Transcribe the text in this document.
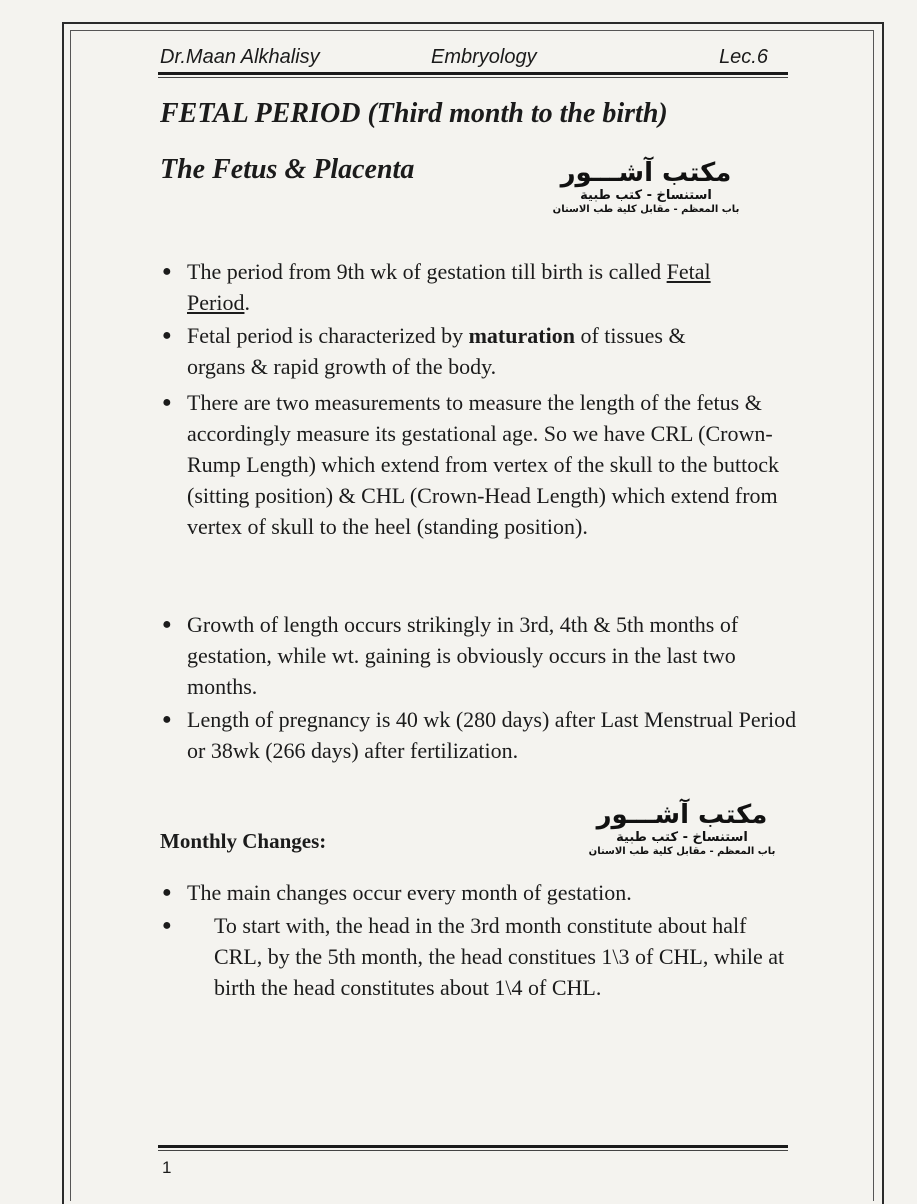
Dr.Maan Alkhalisy	Embryology	Lec.6
FETAL PERIOD (Third month to the birth)
The Fetus & Placenta	مكتب آشـــور
استنساخ - كتب طبية
باب المعظم - مقابل كلية طب الاسنان
● The period from 9th wk of gestation till birth is called Fetal
Period.

● Fetal period is characterized by maturation of tissues & organs & rapid growth of the body.

● There are two measurements to measure the length of the fetus & accordingly measure its gestational age. So we have CRL (Crown-Rump Length) which extend from vertex of the skull to the buttock (sitting position) & CHL (Crown-Head Length) which extend from vertex of skull to the heel (standing position).

● Growth of length occurs strikingly in 3rd, 4th & 5th months of gestation, while wt. gaining is obviously occurs in the last two months.

● Length of pregnancy is 40 wk (280 days) after Last Menstrual Period or 38wk (266 days) after fertilization.

مكتب آشـــور
استنساخ - كتب طبية
باب المعظم - مقابل كلية طب الاسنان
Monthly Changes:
● The main changes occur every month of gestation.

● To start with, the head in the 3rd month constitute about half CRL, by the 5th month, the head constitues 1\3 of CHL, while at birth the head constitutes about 1\4 of CHL.

1
